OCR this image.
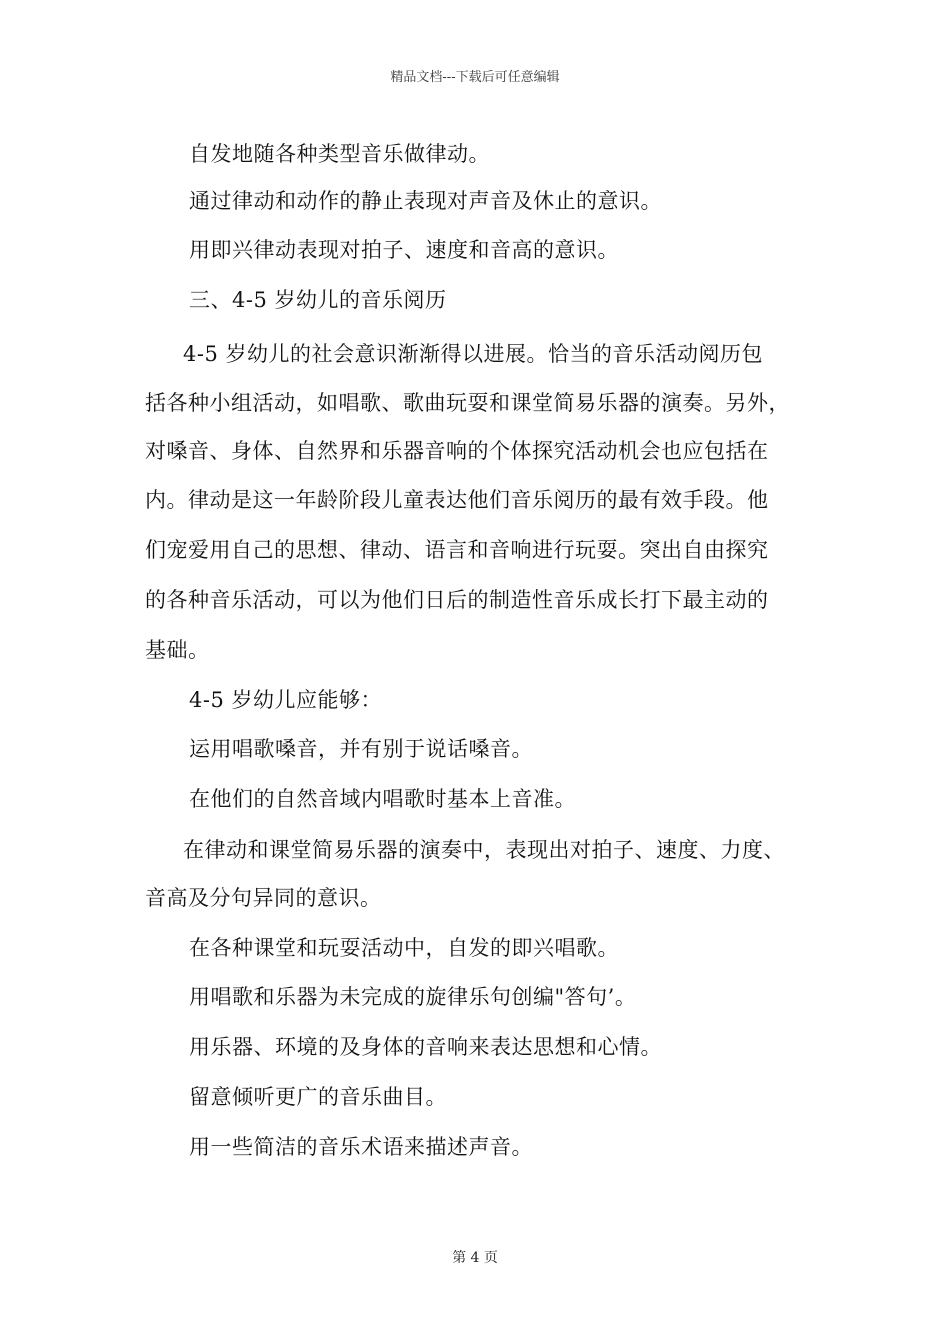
精品文档---下载后可任意编辑
自发地随各种类型音乐做律动。
通过律动和动作的静止表现对声音及休止的意识。
用即兴律动表现对拍子、速度和音高的意识。
三、4-5 岁幼儿的音乐阅历
4-5 岁幼儿的社会意识渐渐得以进展。恰当的音乐活动阅历包
括各种小组活动，如唱歌、歌曲玩耍和课堂简易乐器的演奏。另外，
对嗓音、身体、自然界和乐器音响的个体探究活动机会也应包括在
内。律动是这一年龄阶段儿童表达他们音乐阅历的最有效手段。他
们宠爱用自己的思想、律动、语言和音响进行玩耍。突出自由探究
的各种音乐活动，可以为他们日后的制造性音乐成长打下最主动的
基础。
4-5 岁幼儿应能够：
运用唱歌嗓音，并有别于说话嗓音。
在他们的自然音域内唱歌时基本上音准。
在律动和课堂简易乐器的演奏中，表现出对拍子、速度、力度、
音高及分句异同的意识。
在各种课堂和玩耍活动中，自发的即兴唱歌。
用唱歌和乐器为未完成的旋律乐句创编"答句’。
用乐器、环境的及身体的音响来表达思想和心情。
留意倾听更广的音乐曲目。
用一些简洁的音乐术语来描述声音。
第 4 页
